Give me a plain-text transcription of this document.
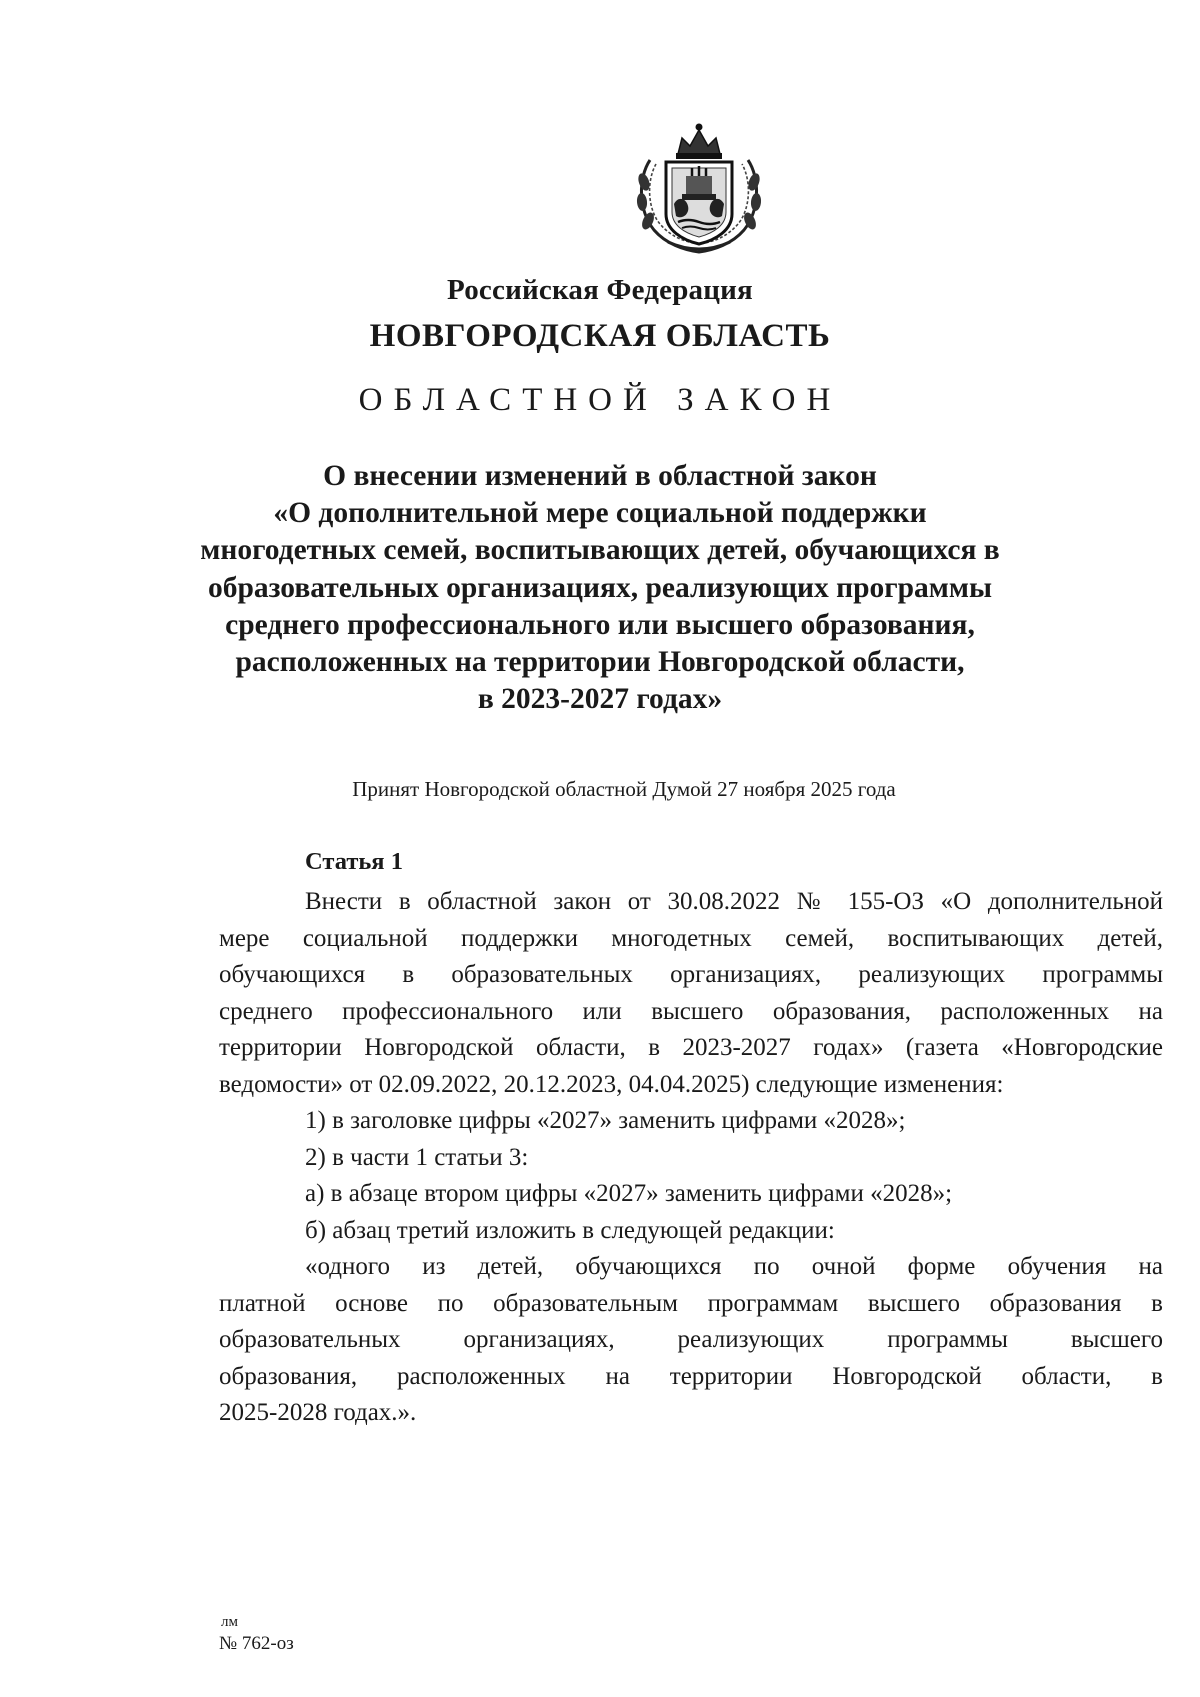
Российская Федерация

НОВГОРОДСКАЯ ОБЛАСТЬ

ОБЛАСТНОЙ ЗАКОН

О внесении изменений в областной закон
«О дополнительной мере социальной поддержки
многодетных семей, воспитывающих детей, обучающихся в
образовательных организациях, реализующих программы
среднего профессионального или высшего образования,
расположенных на территории Новгородской области,
в 2023-2027 годах»

Принят Новгородской областной Думой 27 ноября 2025 года

Статья 1

Внести в областной закон от 30.08.2022 № 155-ОЗ «О дополнительной
мере социальной поддержки многодетных семей, воспитывающих детей,
обучающихся в образовательных организациях, реализующих программы
среднего профессионального или высшего образования, расположенных на
территории Новгородской области, в 2023-2027 годах» (газета «Новгородские
ведомости» от 02.09.2022, 20.12.2023, 04.04.2025) следующие изменения:
1) в заголовке цифры «2027» заменить цифрами «2028»;
2) в части 1 статьи 3:
а) в абзаце втором цифры «2027» заменить цифрами «2028»;
б) абзац третий изложить в следующей редакции:
«одного из детей, обучающихся по очной форме обучения на
платной основе по образовательным программам высшего образования в
образовательных организациях, реализующих программы высшего
образования, расположенных на территории Новгородской области, в
2025-2028 годах.».
лм
№ 762-оз
